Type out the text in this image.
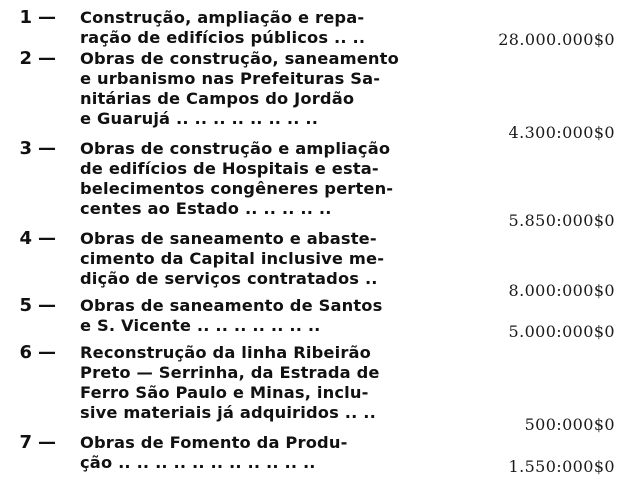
1 — Construção, ampliação e repa-
ração de edifícios públicos .. ..	28.000.000$0
2 — Obras de construção, saneamento
e urbanismo nas Prefeituras Sa-
nitárias de Campos do Jordão
e Guarujá .. .. .. .. .. .. .. ..
4.300:000$0
3 — Obras de construção e ampliação
de edifícios de Hospitais e esta-
belecimentos congêneres perten-
centes ao Estado .. .. .. .. ..
5.850:000$0
4 — Obras de saneamento e abaste-
cimento da Capital inclusive me-
dição de serviços contratados ..
8.000:000$0
5 — Obras de saneamento de Santos
e S. Vicente .. .. .. .. .. .. ..	5.000:000$0
6 — Reconstrução da linha Ribeirão
Preto — Serrinha, da Estrada de
Ferro São Paulo e Minas, inclu-
sive materiais já adquiridos .. ..
500:000$0
7 — Obras de Fomento da Produ-
ção .. .. .. .. .. .. .. .. .. .. ..	1.550:000$0
